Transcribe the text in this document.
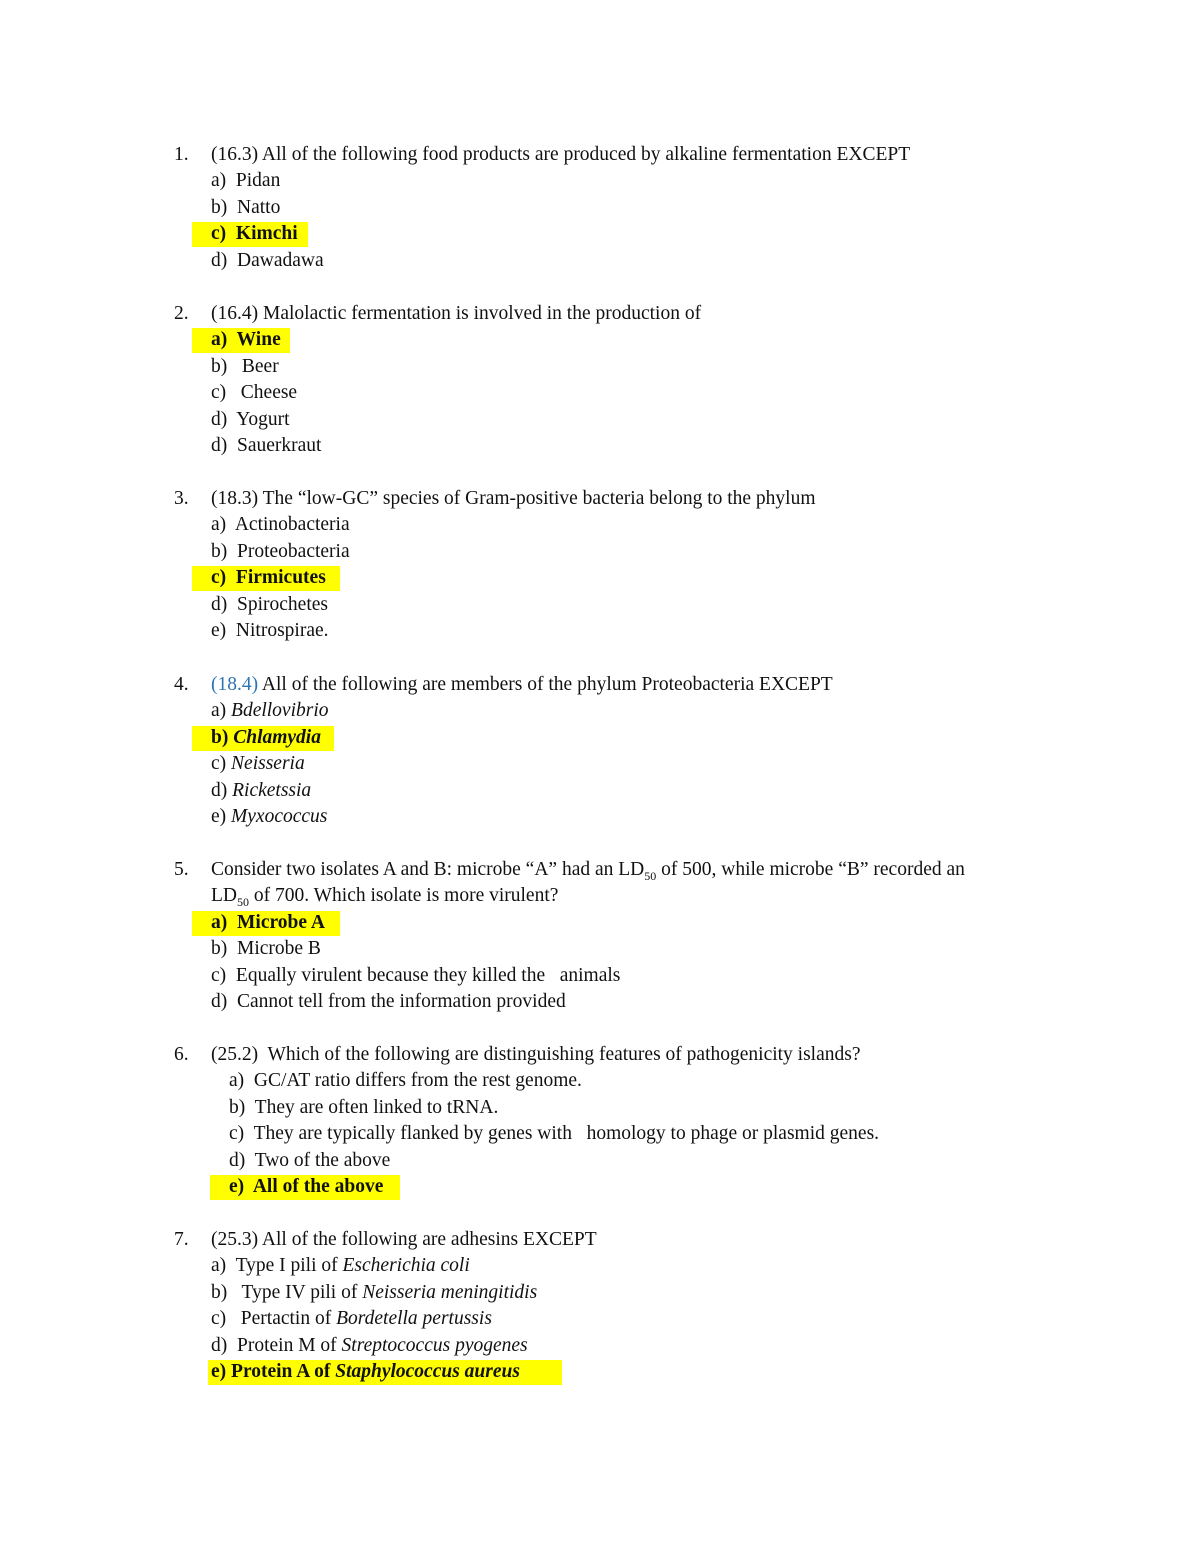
1. (16.3) All of the following food products are produced by alkaline fermentation EXCEPT
a) Pidan
b) Natto
c) Kimchi
d) Dawadawa
2. (16.4) Malolactic fermentation is involved in the production of
a) Wine
b) Beer
c) Cheese
d) Yogurt
d) Sauerkraut
3. (18.3) The “low-GC” species of Gram-positive bacteria belong to the phylum
a) Actinobacteria
b) Proteobacteria
c) Firmicutes
d) Spirochetes
e) Nitrospirae.
4. (18.4) All of the following are members of the phylum Proteobacteria EXCEPT
a) Bdellovibrio
b) Chlamydia
c) Neisseria
d) Ricketssia
e) Myxococcus
5. Consider two isolates A and B: microbe “A” had an $LD_{50}$ of 500, while microbe “B” recorded an
$LD_{50}$ of 700. Which isolate is more virulent?
a) Microbe A
b) Microbe B
c) Equally virulent because they killed the   animals
d) Cannot tell from the information provided
6. (25.2)  Which of the following are distinguishing features of pathogenicity islands?
a) GC/AT ratio differs from the rest genome.
b) They are often linked to tRNA.
c) They are typically flanked by genes with   homology to phage or plasmid genes.
d) Two of the above
e) All of the above
7. (25.3) All of the following are adhesins EXCEPT
a) Type I pili of Escherichia coli
b)   Type IV pili of Neisseria meningitidis
c)   Pertactin of Bordetella pertussis
d) Protein M of Streptococcus pyogenes
e) Protein A of Staphylococcus aureus
